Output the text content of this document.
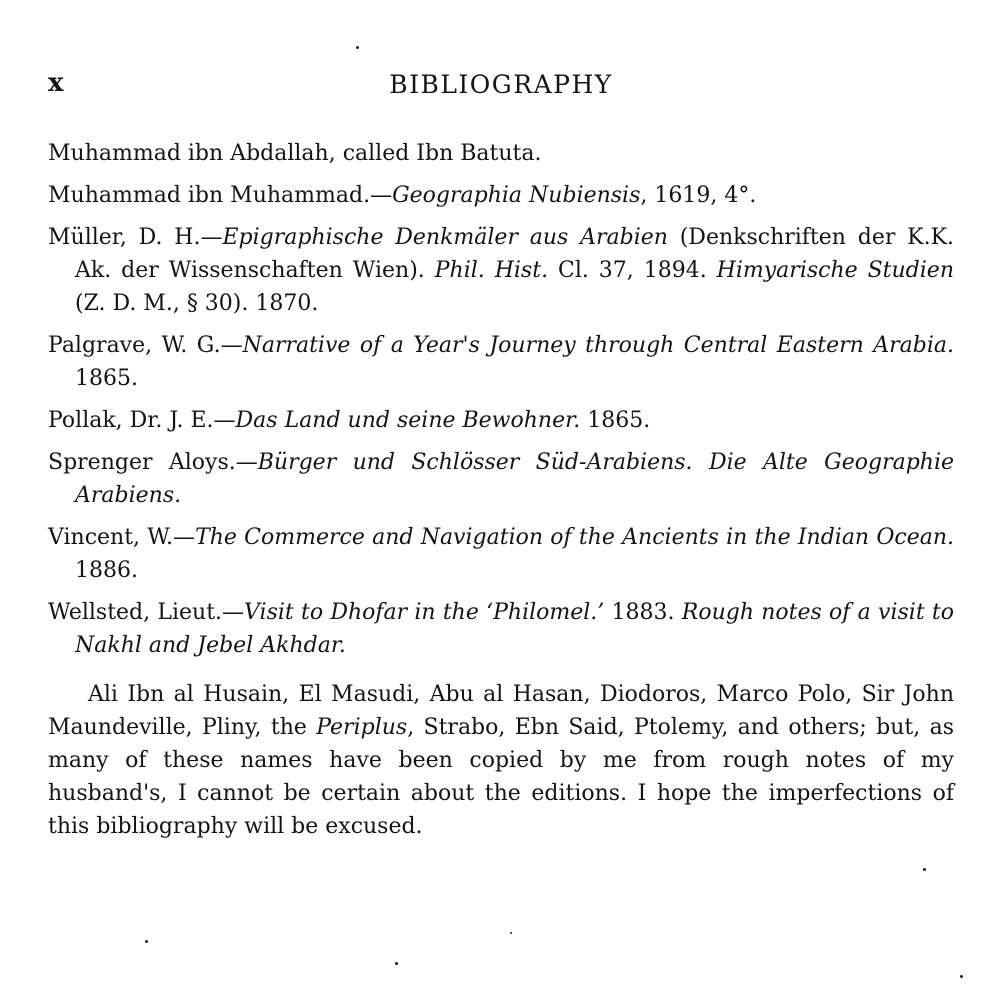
x	BIBLIOGRAPHY

Muhammad ibn Abdallah, called Ibn Batuta.

Muhammad ibn Muhammad.—Geographia Nubiensis, 1619, 4°.

Müller, D. H.—Epigraphische Denkmäler aus Arabien (Denkschriften der K.K. Ak. der Wissenschaften Wien). Phil. Hist. Cl. 37, 1894. Himyarische Studien (Z. D. M., § 30). 1870.

Palgrave, W. G.—Narrative of a Year's Journey through Central Eastern Arabia. 1865.

Pollak, Dr. J. E.—Das Land und seine Bewohner. 1865.

Sprenger Aloys.—Bürger und Schlösser Süd-Arabiens. Die Alte Geographie Arabiens.

Vincent, W.—The Commerce and Navigation of the Ancients in the Indian Ocean. 1886.

Wellsted, Lieut.—Visit to Dhofar in the ‘Philomel.’ 1883. Rough notes of a visit to Nakhl and Jebel Akhdar.

Ali Ibn al Husain, El Masudi, Abu al Hasan, Diodoros, Marco Polo, Sir John Maundeville, Pliny, the Periplus, Strabo, Ebn Said, Ptolemy, and others; but, as many of these names have been copied by me from rough notes of my husband's, I cannot be certain about the editions. I hope the imperfections of this bibliography will be excused.
